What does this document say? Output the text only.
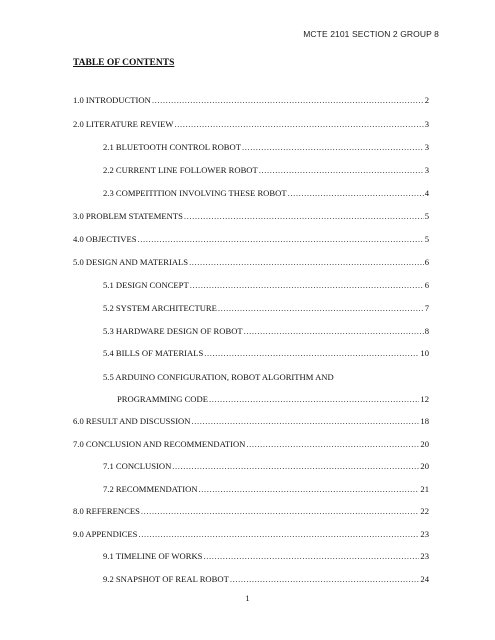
MCTE 2101 SECTION 2 GROUP 8
TABLE OF CONTENTS
1.0 INTRODUCTION .....	2
2.0 LITERATURE REVIEW .....	3
2.1 BLUETOOTH CONTROL ROBOT .....	3
2.2 CURRENT LINE FOLLOWER ROBOT .....	3
2.3 COMPEITITION INVOLVING THESE ROBOT .....	4
3.0 PROBLEM STATEMENTS .....	5
4.0 OBJECTIVES .....	5
5.0 DESIGN AND MATERIALS .....	6
5.1 DESIGN CONCEPT .....	6
5.2 SYSTEM ARCHITECTURE .....	7
5.3 HARDWARE DESIGN OF ROBOT .....	8
5.4 BILLS OF MATERIALS .....	10
5.5 ARDUINO CONFIGURATION, ROBOT ALGORITHM AND
PROGRAMMING CODE .....	12
6.0 RESULT AND DISCUSSION .....	18
7.0 CONCLUSION AND RECOMMENDATION .....	20
7.1 CONCLUSION .....	20
7.2 RECOMMENDATION .....	21
8.0 REFERENCES .....	22
9.0 APPENDICES .....	23
9.1 TIMELINE OF WORKS .....	23
9.2 SNAPSHOT OF REAL ROBOT .....	24
1
